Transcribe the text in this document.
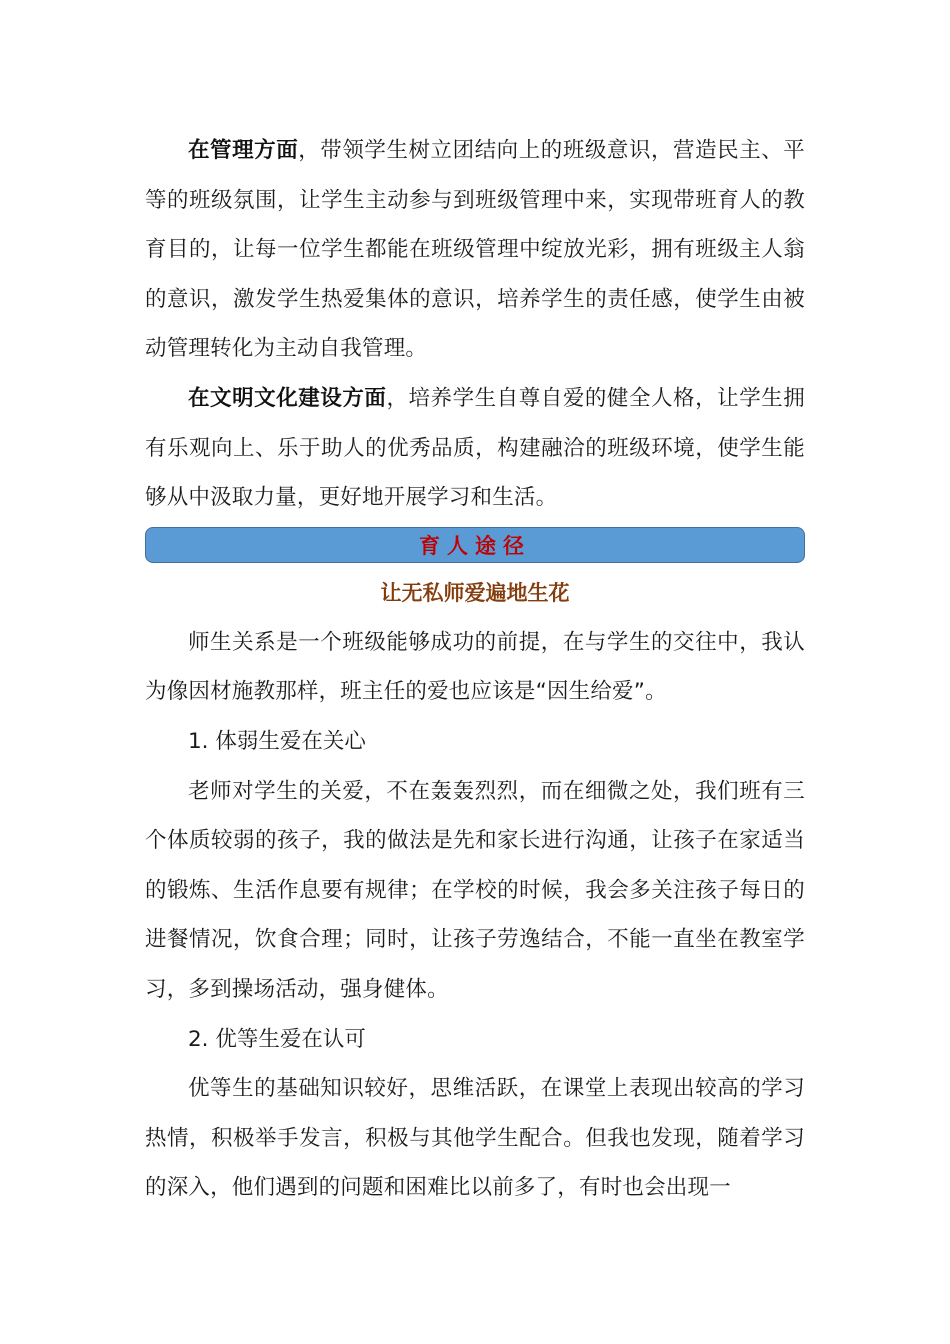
在管理方面，带领学生树立团结向上的班级意识，营造民主、平等的班级氛围，让学生主动参与到班级管理中来，实现带班育人的教育目的，让每一位学生都能在班级管理中绽放光彩，拥有班级主人翁的意识，激发学生热爱集体的意识，培养学生的责任感，使学生由被动管理转化为主动自我管理。

在文明文化建设方面，培养学生自尊自爱的健全人格，让学生拥有乐观向上、乐于助人的优秀品质，构建融洽的班级环境，使学生能够从中汲取力量，更好地开展学习和生活。

育人途径

让无私师爱遍地生花

师生关系是一个班级能够成功的前提，在与学生的交往中，我认为像因材施教那样，班主任的爱也应该是“因生给爱”。

1. 体弱生爱在关心

老师对学生的关爱，不在轰轰烈烈，而在细微之处，我们班有三个体质较弱的孩子，我的做法是先和家长进行沟通，让孩子在家适当的锻炼、生活作息要有规律；在学校的时候，我会多关注孩子每日的进餐情况，饮食合理；同时，让孩子劳逸结合，不能一直坐在教室学习，多到操场活动，强身健体。

2. 优等生爱在认可

优等生的基础知识较好，思维活跃，在课堂上表现出较高的学习热情，积极举手发言，积极与其他学生配合。但我也发现，随着学习的深入，他们遇到的问题和困难比以前多了，有时也会出现一
